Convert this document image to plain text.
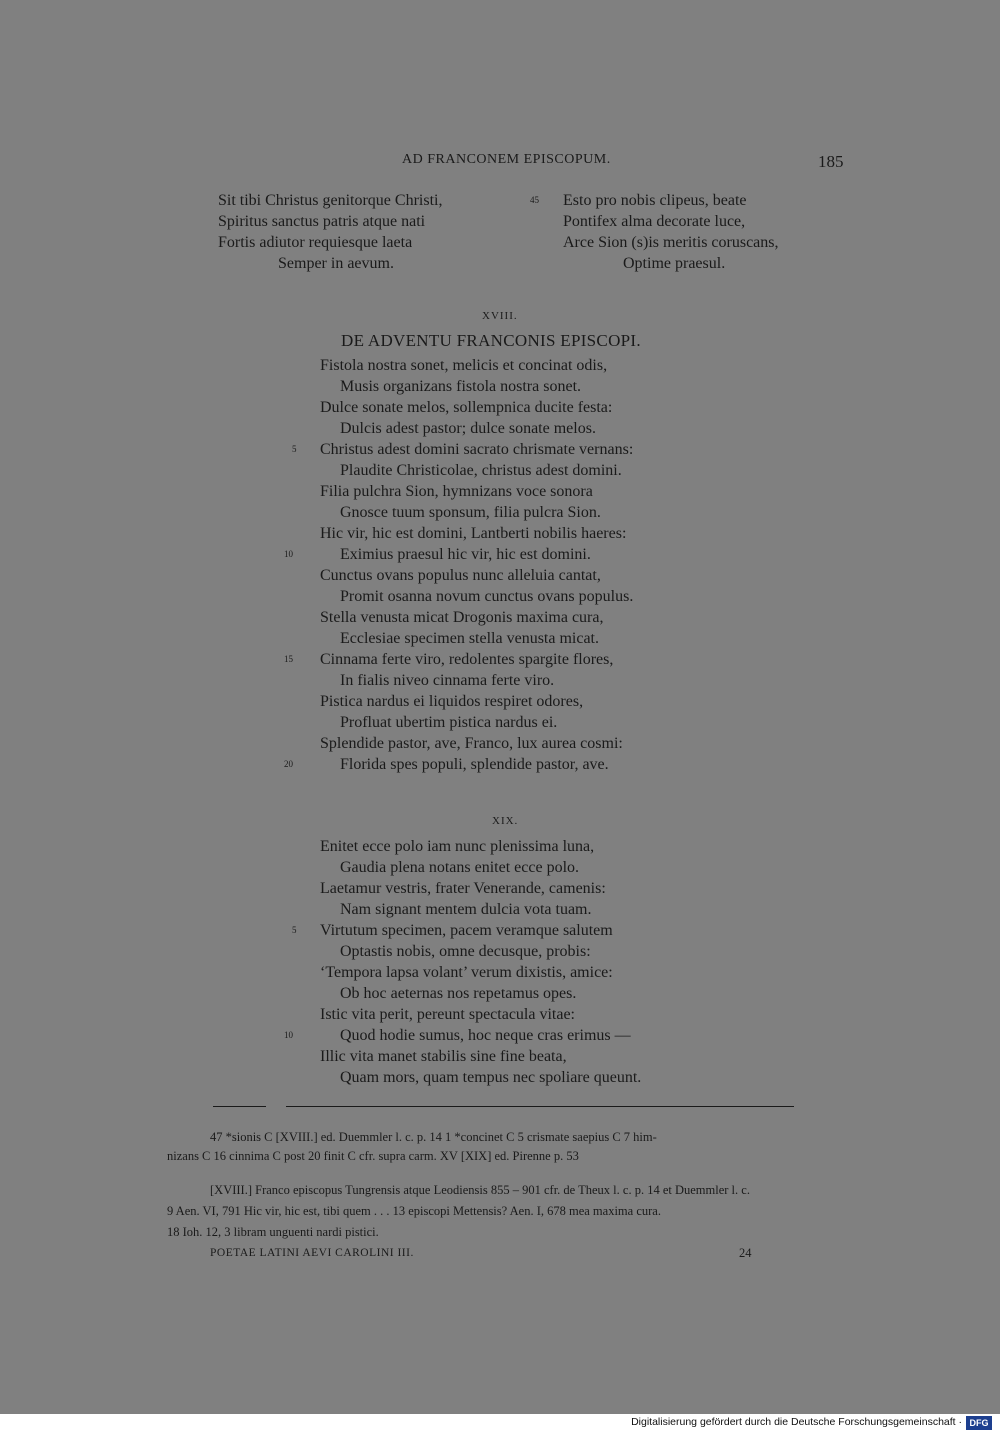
AD FRANCONEM EPISCOPUM.	185
Sit tibi Christus genitorque Christi,
Spiritus sanctus patris atque nati
Fortis adiutor requiesque laeta
Semper in aevum.
45 Esto pro nobis clipeus, beate
Pontifex alma decorate luce,
Arce Sion (s)is meritis coruscans,
Optime praesul.
XVIII.
DE ADVENTU FRANCONIS EPISCOPI.
Fistola nostra sonet, melicis et concinat odis,
Musis organizans fistola nostra sonet.
Dulce sonate melos, sollempnica ducite festa:
Dulcis adest pastor; dulce sonate melos.
Christus adest domini sacrato chrismate vernans:
5
Plaudite Christicolae, christus adest domini.
Filia pulchra Sion, hymnizans voce sonora
Gnosce tuum sponsum, filia pulcra Sion.
Hic vir, hic est domini, Lantberti nobilis haeres:
Eximius praesul hic vir, hic est domini.
10
Cunctus ovans populus nunc alleluia cantat,
Promit osanna novum cunctus ovans populus.
Stella venusta micat Drogonis maxima cura,
Ecclesiae specimen stella venusta micat.
Cinnama ferte viro, redolentes spargite flores,
15
In fialis niveo cinnama ferte viro.
Pistica nardus ei liquidos respiret odores,
Profluat ubertim pistica nardus ei.
Splendide pastor, ave, Franco, lux aurea cosmi:
Florida spes populi, splendide pastor, ave.
20
XIX.
Enitet ecce polo iam nunc plenissima luna,
Gaudia plena notans enitet ecce polo.
Laetamur vestris, frater Venerande, camenis:
Nam signant mentem dulcia vota tuam.
Virtutum specimen, pacem veramque salutem
5
Optastis nobis, omne decusque, probis:
‘Tempora lapsa volant’ verum dixistis, amice:
Ob hoc aeternas nos repetamus opes.
Istic vita perit, pereunt spectacula vitae:
Quod hodie sumus, hoc neque cras erimus —
10
Illic vita manet stabilis sine fine beata,
Quam mors, quam tempus nec spoliare queunt.
47 *sionis C [XVIII.] ed. Duemmler l. c. p. 14 1 *concinet C 5 crismate saepius C 7 him-
nizans C 16 cinnima C post 20 finit C cfr. supra carm. XV [XIX] ed. Pirenne p. 53
[XVIII.] Franco episcopus Tungrensis atque Leodiensis 855 – 901 cfr. de Theux l. c. p. 14 et Duemmler l. c.
9 Aen. VI, 791 Hic vir, hic est, tibi quem . . . 13 episcopi Mettensis? Aen. I, 678 mea maxima cura.
18 Ioh. 12, 3 libram unguenti nardi pistici.
POETAE LATINI AEVI CAROLINI III.	24
Digitalisierung gefördert durch die Deutsche Forschungsgemeinschaft · DFG
